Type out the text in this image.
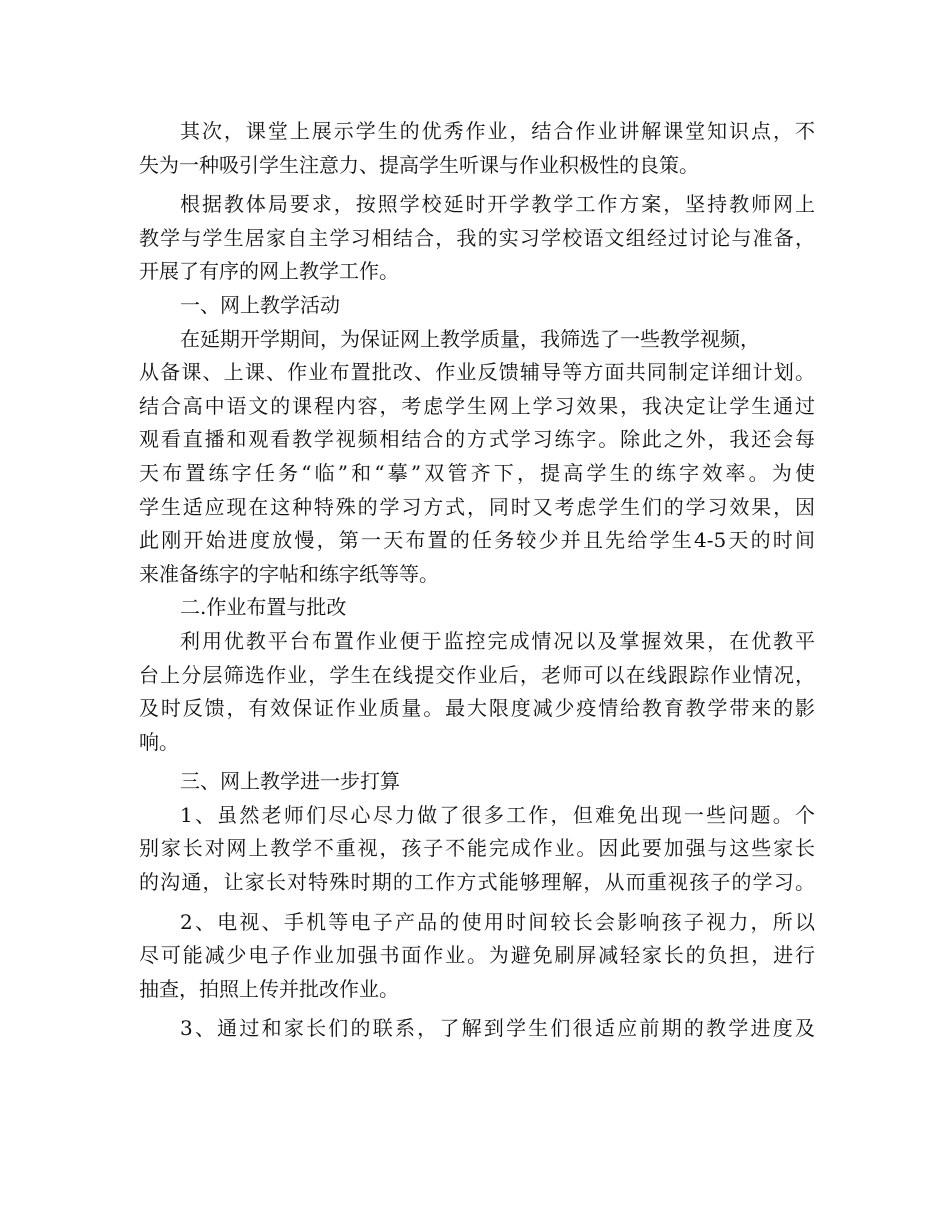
其次，课堂上展示学生的优秀作业，结合作业讲解课堂知识点，不
失为一种吸引学生注意力、提高学生听课与作业积极性的良策。
根据教体局要求，按照学校延时开学教学工作方案，坚持教师网上
教学与学生居家自主学习相结合，我的实习学校语文组经过讨论与准备，
开展了有序的网上教学工作。
一、网上教学活动
在延期开学期间，为保证网上教学质量，我筛选了一些教学视频，
从备课、上课、作业布置批改、作业反馈辅导等方面共同制定详细计划。
结合高中语文的课程内容，考虑学生网上学习效果，我决定让学生通过
观看直播和观看教学视频相结合的方式学习练字。除此之外，我还会每
天布置练字任务“临”和“摹”双管齐下，提高学生的练字效率。为使
学生适应现在这种特殊的学习方式，同时又考虑学生们的学习效果，因
此刚开始进度放慢，第一天布置的任务较少并且先给学生4-5天的时间
来准备练字的字帖和练字纸等等。
二.作业布置与批改
利用优教平台布置作业便于监控完成情况以及掌握效果，在优教平
台上分层筛选作业，学生在线提交作业后，老师可以在线跟踪作业情况，
及时反馈，有效保证作业质量。最大限度减少疫情给教育教学带来的影
响。
三、网上教学进一步打算
1、虽然老师们尽心尽力做了很多工作，但难免出现一些问题。个
别家长对网上教学不重视，孩子不能完成作业。因此要加强与这些家长
的沟通，让家长对特殊时期的工作方式能够理解，从而重视孩子的学习。
2、电视、手机等电子产品的使用时间较长会影响孩子视力，所以
尽可能减少电子作业加强书面作业。为避免刷屏减轻家长的负担，进行
抽查，拍照上传并批改作业。
3、通过和家长们的联系，了解到学生们很适应前期的教学进度及
